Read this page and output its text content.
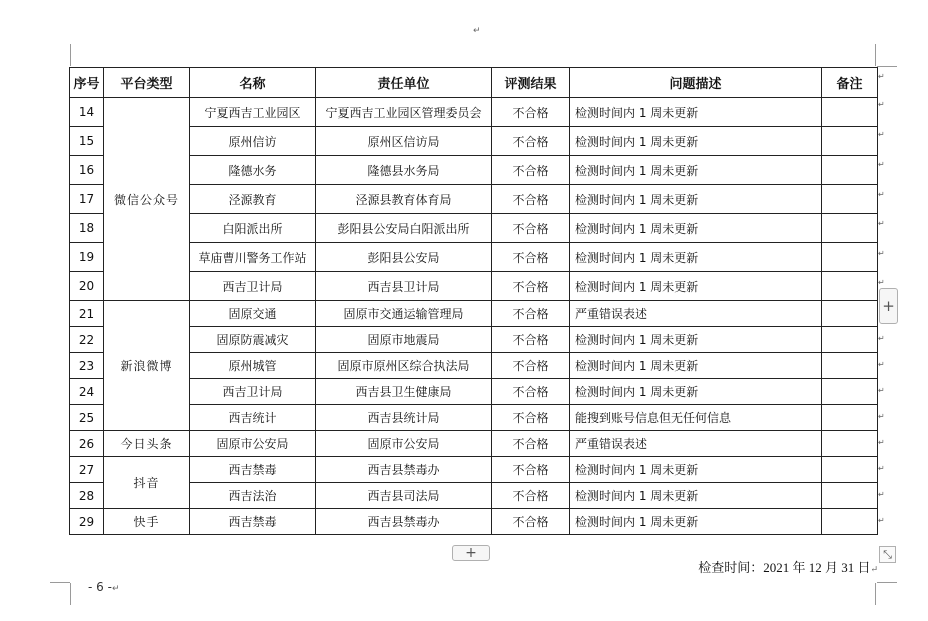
↵
序号	平台类型	名称	责任单位	评测结果	问题描述	备注
14	微信公众号	宁夏西吉工业园区	宁夏西吉工业园区管理委员会	不合格	检测时间内 1 周未更新	
15		原州信访	原州区信访局	不合格	检测时间内 1 周未更新	
16		隆德水务	隆德县水务局	不合格	检测时间内 1 周未更新	
17		泾源教育	泾源县教育体育局	不合格	检测时间内 1 周未更新	
18		白阳派出所	彭阳县公安局白阳派出所	不合格	检测时间内 1 周未更新	
19		草庙曹川警务工作站	彭阳县公安局	不合格	检测时间内 1 周未更新	
20		西吉卫计局	西吉县卫计局	不合格	检测时间内 1 周未更新	
21	新浪微博	固原交通	固原市交通运输管理局	不合格	严重错误表述	
22		固原防震减灾	固原市地震局	不合格	检测时间内 1 周未更新	
23		原州城管	固原市原州区综合执法局	不合格	检测时间内 1 周未更新	
24		西吉卫计局	西吉县卫生健康局	不合格	检测时间内 1 周未更新	
25		西吉统计	西吉县统计局	不合格	能搜到账号信息但无任何信息	
26	今日头条	固原市公安局	固原市公安局	不合格	严重错误表述	
27	抖音	西吉禁毒	西吉县禁毒办	不合格	检测时间内 1 周未更新	
28		西吉法治	西吉县司法局	不合格	检测时间内 1 周未更新	
29	快手	西吉禁毒	西吉县禁毒办	不合格	检测时间内 1 周未更新	
↵
↵
↵
↵
↵
↵
↵
↵
↵
↵
↵
↵
↵
↵
↵
↵
+
+	⤡
检查时间：2021 年 12 月 31 日↵
- 6 -↵
